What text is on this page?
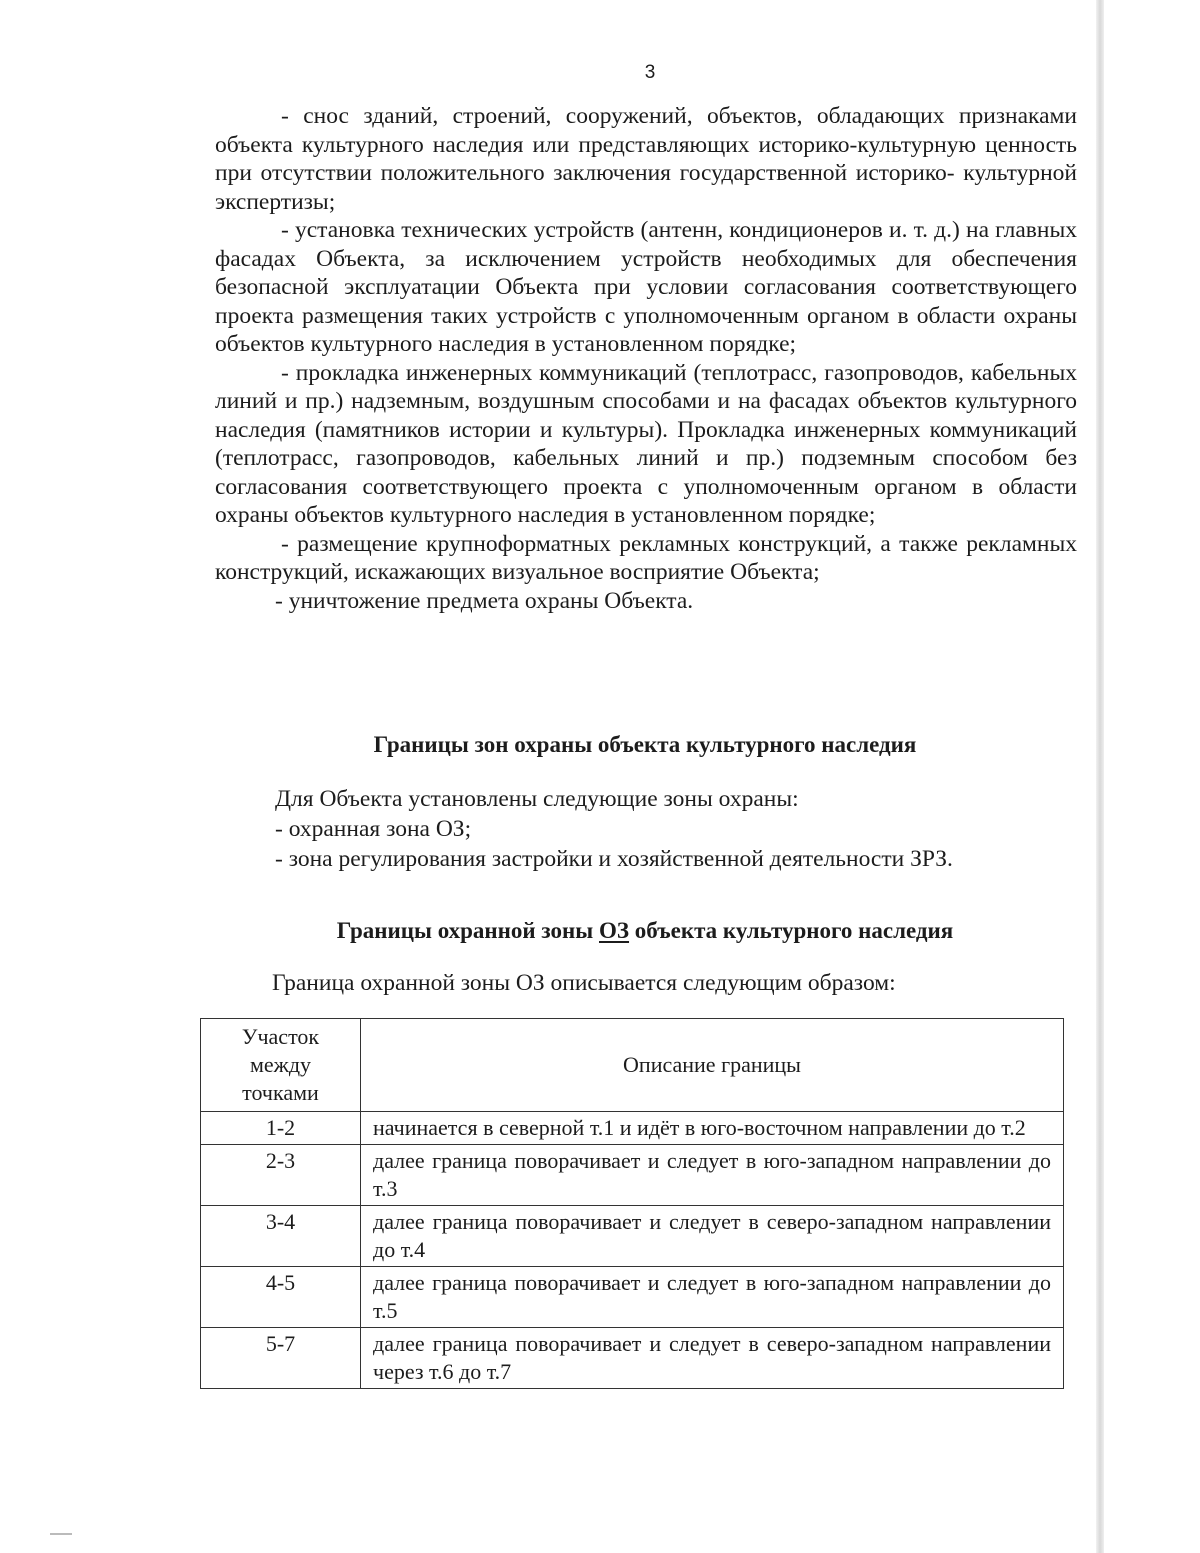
3

- снос зданий, строений, сооружений, объектов, обладающих признаками объекта культурного наследия или представляющих историко-культурную ценность при отсутствии положительного заключения государственной историко- культурной экспертизы;

- установка технических устройств (антенн, кондиционеров и. т. д.) на главных фасадах Объекта, за исключением устройств необходимых для обеспечения безопасной эксплуатации Объекта при условии согласования соответствующего проекта размещения таких устройств с уполномоченным органом в области охраны объектов культурного наследия в установленном порядке;

- прокладка инженерных коммуникаций (теплотрасс, газопроводов, кабельных линий и пр.) надземным, воздушным способами и на фасадах объектов культурного наследия (памятников истории и культуры). Прокладка инженерных коммуникаций (теплотрасс, газопроводов, кабельных линий и пр.) подземным способом без согласования соответствующего проекта с уполномоченным органом в области охраны объектов культурного наследия в установленном порядке;

- размещение крупноформатных рекламных конструкций, а также рекламных конструкций, искажающих визуальное восприятие Объекта;

- уничтожение предмета охраны Объекта.

Границы зон охраны объекта культурного наследия

Для Объекта установлены следующие зоны охраны:

- охранная зона ОЗ;

- зона регулирования застройки и хозяйственной деятельности ЗРЗ.

Границы охранной зоны ОЗ объекта культурного наследия

Граница охранной зоны ОЗ описывается следующим образом:

Участок
между
точками	Описание границы
1-2	начинается в северной т.1 и идёт в юго-восточном направлении до т.2
2-3	далее граница поворачивает и следует в юго-западном направлении до т.3
3-4	далее граница поворачивает и следует в северо-западном направлении до т.4
4-5	далее граница поворачивает и следует в юго-западном направлении до т.5
5-7	далее граница поворачивает и следует в северо-западном направлении через т.6 до т.7
